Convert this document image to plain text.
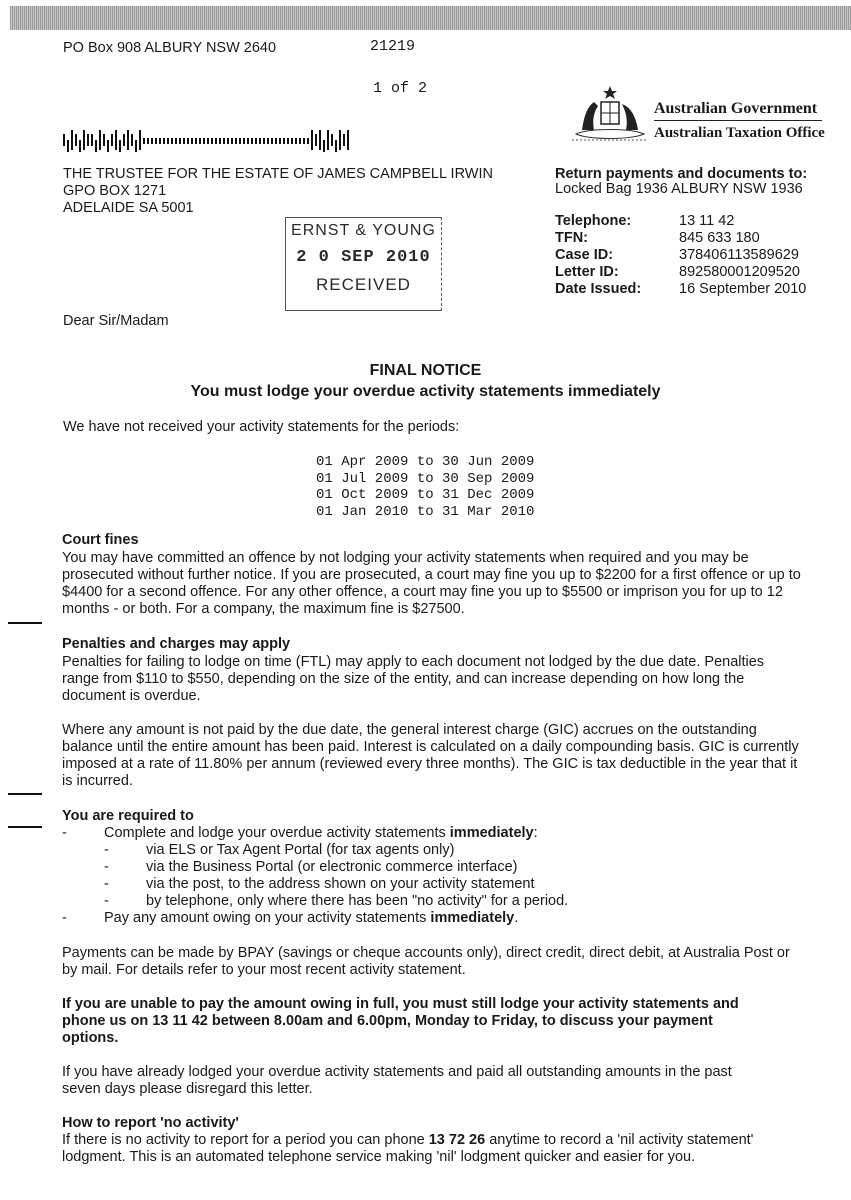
PO Box 908 ALBURY NSW 2640	21219
1 of 2
Australian Government
Australian Taxation Office
THE TRUSTEE FOR THE ESTATE OF JAMES CAMPBELL IRWIN
GPO BOX 1271
ADELAIDE SA 5001
Return payments and documents to:
Locked Bag 1936 ALBURY NSW 1936
Telephone:	13 11 42
TFN:	845 633 180
Case ID:	378406113589629
Letter ID:	892580001209520
Date Issued:	16 September 2010
ERNST & YOUNG
2 0 SEP 2010
RECEIVED
Dear Sir/Madam
FINAL NOTICE
You must lodge your overdue activity statements immediately
We have not received your activity statements for the periods:
01 Apr 2009 to 30 Jun 2009
01 Jul 2009 to 30 Sep 2009
01 Oct 2009 to 31 Dec 2009
01 Jan 2010 to 31 Mar 2010
Court fines
You may have committed an offence by not lodging your activity statements when required and you may be
prosecuted without further notice. If you are prosecuted, a court may fine you up to $2200 for a first offence or up to
$4400 for a second offence. For any other offence, a court may fine you up to $5500 or imprison you for up to 12
months - or both. For a company, the maximum fine is $27500.
Penalties and charges may apply
Penalties for failing to lodge on time (FTL) may apply to each document not lodged by the due date. Penalties
range from $110 to $550, depending on the size of the entity, and can increase depending on how long the
document is overdue.
Where any amount is not paid by the due date, the general interest charge (GIC) accrues on the outstanding
balance until the entire amount has been paid. Interest is calculated on a daily compounding basis. GIC is currently
imposed at a rate of 11.80% per annum (reviewed every three months). The GIC is tax deductible in the year that it
is incurred.
You are required to
-	Complete and lodge your overdue activity statements immediately:
-	via ELS or Tax Agent Portal (for tax agents only)
-	via the Business Portal (or electronic commerce interface)
-	via the post, to the address shown on your activity statement
-	by telephone, only where there has been "no activity" for a period.
-	Pay any amount owing on your activity statements immediately.
Payments can be made by BPAY (savings or cheque accounts only), direct credit, direct debit, at Australia Post or
by mail. For details refer to your most recent activity statement.
If you are unable to pay the amount owing in full, you must still lodge your activity statements and
phone us on 13 11 42 between 8.00am and 6.00pm, Monday to Friday, to discuss your payment
options.
If you have already lodged your overdue activity statements and paid all outstanding amounts in the past
seven days please disregard this letter.
How to report 'no activity'
If there is no activity to report for a period you can phone 13 72 26 anytime to record a 'nil activity statement'
lodgment. This is an automated telephone service making 'nil' lodgment quicker and easier for you.
